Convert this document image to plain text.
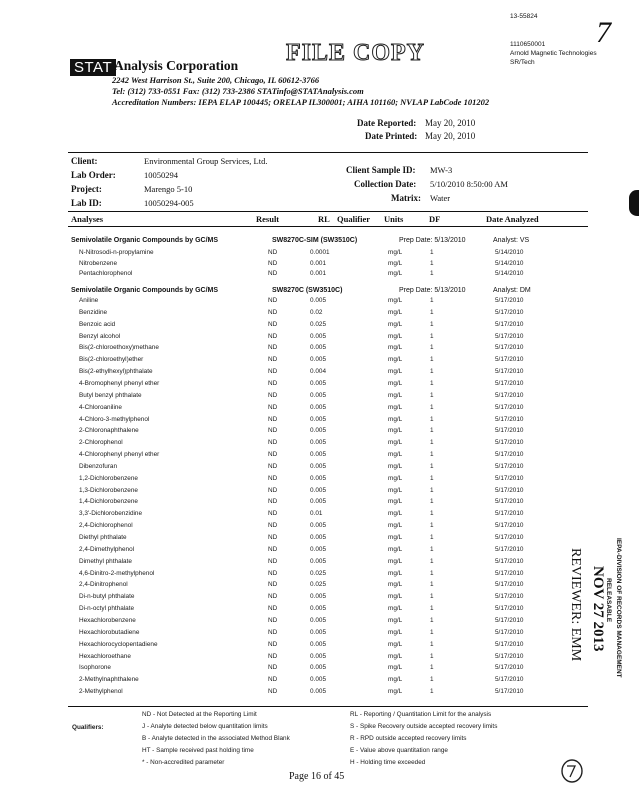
13-55824
1110650001
Arnold Magnetic Technologies
SR/Tech
7
STAT Analysis Corporation FILE COPY
2242 West Harrison St., Suite 200, Chicago, IL 60612-3766
Tel: (312) 733-0551 Fax: (312) 733-2386 STATinfo@STATAnalysis.com
Accreditation Numbers: IEPA ELAP 100445; ORELAP IL300001; AIHA 101160; NVLAP LabCode 101202
Date Reported: May 20, 2010
Date Printed: May 20, 2010
Client:	Environmental Group Services, Ltd.
Lab Order:	10050294
Project:	Marengo 5-10
Lab ID:	10050294-005
Client Sample ID: MW-3
Collection Date: 5/10/2010 8:50:00 AM
Matrix: Water
Analyses	Result	RL Qualifier Units	DF	Date Analyzed
Semivolatile Organic Compounds by GC/MS	SW8270C-SIM (SW3510C)	Prep Date: 5/13/2010	Analyst: VS
N-Nitrosodi-n-propylamine	ND	0.0001	mg/L	1	5/14/2010
Nitrobenzene	ND	0.001	mg/L	1	5/14/2010
Pentachlorophenol	ND	0.001	mg/L	1	5/14/2010
Semivolatile Organic Compounds by GC/MS	SW8270C (SW3510C)	Prep Date: 5/13/2010	Analyst: DM
Aniline	ND	0.005	mg/L	1	5/17/2010
Benzidine	ND	0.02	mg/L	1	5/17/2010
Benzoic acid	ND	0.025	mg/L	1	5/17/2010
Benzyl alcohol	ND	0.005	mg/L	1	5/17/2010
Bis(2-chloroethoxy)methane	ND	0.005	mg/L	1	5/17/2010
Bis(2-chloroethyl)ether	ND	0.005	mg/L	1	5/17/2010
Bis(2-ethylhexyl)phthalate	ND	0.004	mg/L	1	5/17/2010
4-Bromophenyl phenyl ether	ND	0.005	mg/L	1	5/17/2010
Butyl benzyl phthalate	ND	0.005	mg/L	1	5/17/2010
4-Chloroaniline	ND	0.005	mg/L	1	5/17/2010
4-Chloro-3-methylphenol	ND	0.005	mg/L	1	5/17/2010
2-Chloronaphthalene	ND	0.005	mg/L	1	5/17/2010
2-Chlorophenol	ND	0.005	mg/L	1	5/17/2010
4-Chlorophenyl phenyl ether	ND	0.005	mg/L	1	5/17/2010
Dibenzofuran	ND	0.005	mg/L	1	5/17/2010
1,2-Dichlorobenzene	ND	0.005	mg/L	1	5/17/2010
1,3-Dichlorobenzene	ND	0.005	mg/L	1	5/17/2010
1,4-Dichlorobenzene	ND	0.005	mg/L	1	5/17/2010
3,3'-Dichlorobenzidine	ND	0.01	mg/L	1	5/17/2010
2,4-Dichlorophenol	ND	0.005	mg/L	1	5/17/2010
Diethyl phthalate	ND	0.005	mg/L	1	5/17/2010
2,4-Dimethylphenol	ND	0.005	mg/L	1	5/17/2010
Dimethyl phthalate	ND	0.005	mg/L	1	5/17/2010
4,6-Dinitro-2-methylphenol	ND	0.025	mg/L	1	5/17/2010
2,4-Dinitrophenol	ND	0.025	mg/L	1	5/17/2010
Di-n-butyl phthalate	ND	0.005	mg/L	1	5/17/2010
Di-n-octyl phthalate	ND	0.005	mg/L	1	5/17/2010
Hexachlorobenzene	ND	0.005	mg/L	1	5/17/2010
Hexachlorobutadiene	ND	0.005	mg/L	1	5/17/2010
Hexachlorocyclopentadiene	ND	0.005	mg/L	1	5/17/2010
Hexachloroethane	ND	0.005	mg/L	1	5/17/2010
Isophorone	ND	0.005	mg/L	1	5/17/2010
2-Methylnaphthalene	ND	0.005	mg/L	1	5/17/2010
2-Methylphenol	ND	0.005	mg/L	1	5/17/2010
Qualifiers:
ND - Not Detected at the Reporting Limit
J - Analyte detected below quantitation limits
B - Analyte detected in the associated Method Blank
HT - Sample received past holding time
* - Non-accredited parameter
RL - Reporting / Quantitation Limit for the analysis
S - Spike Recovery outside accepted recovery limits
R - RPD outside accepted recovery limits
E - Value above quantitation range
H - Holding time exceeded
Page 16 of 45
IEPA-DIVISION OF RECORDS MANAGEMENT
RELEASABLE
NOV 27 2013
REVIEWER: EMM
